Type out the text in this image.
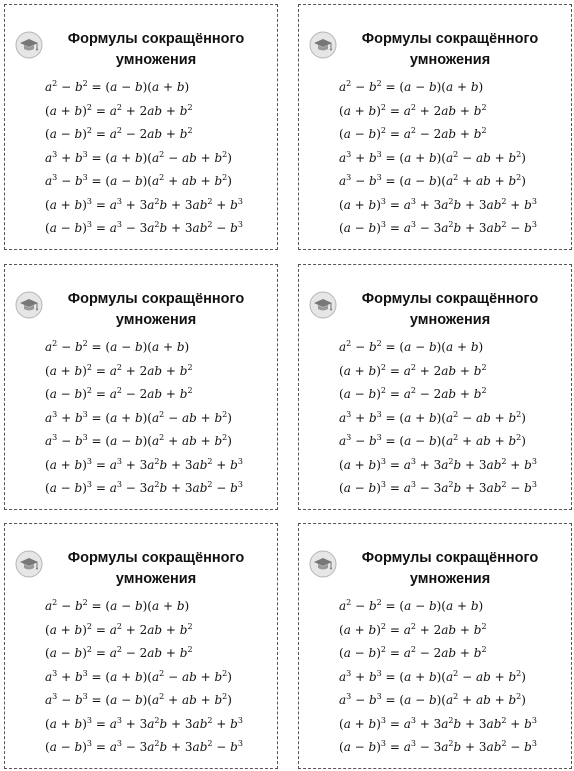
Формулы сокращённого
умножения
$a^2 - b^2 = (a - b)(a + b)$
$(a + b)^2 = a^2 + 2ab + b^2$
$(a - b)^2 = a^2 - 2ab + b^2$
$a^3 + b^3 = (a + b)(a^2$ − ab + $b^2$)
$a^3 - b^3 = (a - b)(a^2$ + ab + $b^2$)
$(a + b)^3 = a^3 + 3a^2b + 3ab^2 + b^3$
$(a - b)^3 = a^3 - 3a^2b + 3ab^2 - b^3$
Формулы сокращённого
умножения
$a^2 - b^2 = (a - b)(a + b)$
$(a + b)^2 = a^2 + 2ab + b^2$
$(a - b)^2 = a^2 - 2ab + b^2$
$a^3 + b^3 = (a + b)(a^2$ − ab + $b^2$)
$a^3 - b^3 = (a - b)(a^2$ + ab + $b^2$)
$(a + b)^3 = a^3 + 3a^2b + 3ab^2 + b^3$
$(a - b)^3 = a^3 - 3a^2b + 3ab^2 - b^3$
Формулы сокращённого
умножения
$a^2 - b^2 = (a - b)(a + b)$
$(a + b)^2 = a^2 + 2ab + b^2$
$(a - b)^2 = a^2 - 2ab + b^2$
$a^3 + b^3 = (a + b)(a^2$ − ab + $b^2$)
$a^3 - b^3 = (a - b)(a^2$ + ab + $b^2$)
$(a + b)^3 = a^3 + 3a^2b + 3ab^2 + b^3$
$(a - b)^3 = a^3 - 3a^2b + 3ab^2 - b^3$
Формулы сокращённого
умножения
$a^2 - b^2 = (a - b)(a + b)$
$(a + b)^2 = a^2 + 2ab + b^2$
$(a - b)^2 = a^2 - 2ab + b^2$
$a^3 + b^3 = (a + b)(a^2$ − ab + $b^2$)
$a^3 - b^3 = (a - b)(a^2$ + ab + $b^2$)
$(a + b)^3 = a^3 + 3a^2b + 3ab^2 + b^3$
$(a - b)^3 = a^3 - 3a^2b + 3ab^2 - b^3$
Формулы сокращённого
умножения
$a^2 - b^2 = (a - b)(a + b)$
$(a + b)^2 = a^2 + 2ab + b^2$
$(a - b)^2 = a^2 - 2ab + b^2$
$a^3 + b^3 = (a + b)(a^2$ − ab + $b^2$)
$a^3 - b^3 = (a - b)(a^2$ + ab + $b^2$)
$(a + b)^3 = a^3 + 3a^2b + 3ab^2 + b^3$
$(a - b)^3 = a^3 - 3a^2b + 3ab^2 - b^3$
Формулы сокращённого
умножения
$a^2 - b^2 = (a - b)(a + b)$
$(a + b)^2 = a^2 + 2ab + b^2$
$(a - b)^2 = a^2 - 2ab + b^2$
$a^3 + b^3 = (a + b)(a^2$ − ab + $b^2$)
$a^3 - b^3 = (a - b)(a^2$ + ab + $b^2$)
$(a + b)^3 = a^3 + 3a^2b + 3ab^2 + b^3$
$(a - b)^3 = a^3 - 3a^2b + 3ab^2 - b^3$
